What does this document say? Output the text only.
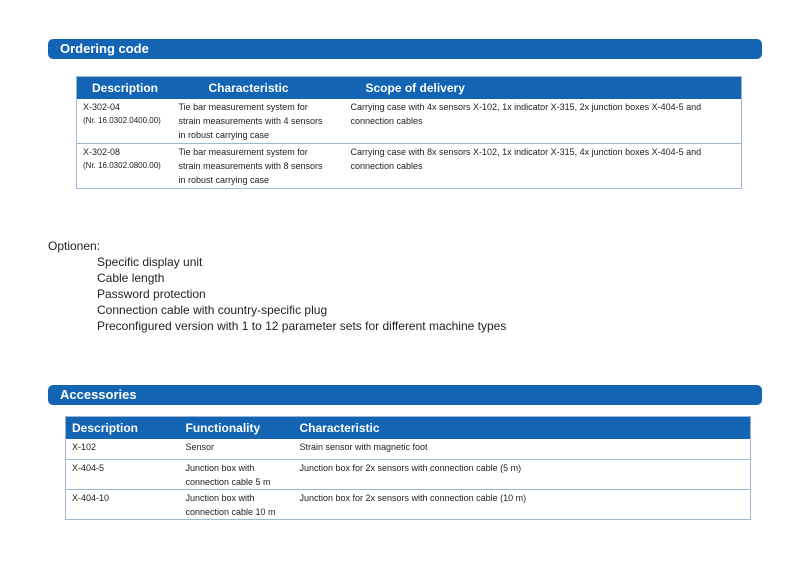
Ordering code
Description	Characteristic	Scope of delivery
X-302-04
(Nr. 16.0302.0400.00)	Tie bar measurement system for strain measurements with 4 sensors in robust carrying case	Carrying case with 4x sensors X-102, 1x indicator X-315, 2x junction boxes X-404-5 and connection cables
X-302-08
(Nr. 16.0302.0800.00)	Tie bar measurement system for strain measurements with 8 sensors in robust carrying case	Carrying case with 8x sensors X-102, 1x indicator X-315, 4x junction boxes X-404-5 and connection cables
Optionen:
Specific display unit
Cable length
Password protection
Connection cable with country-specific plug
Preconfigured version with 1 to 12 parameter sets for different machine types
Accessories
Description	Functionality	Characteristic
X-102	Sensor	Strain sensor with magnetic foot
X-404-5	Junction box with connection cable 5 m	Junction box for 2x sensors with connection cable (5 m)
X-404-10	Junction box with connection cable 10 m	Junction box for 2x sensors with connection cable (10 m)
